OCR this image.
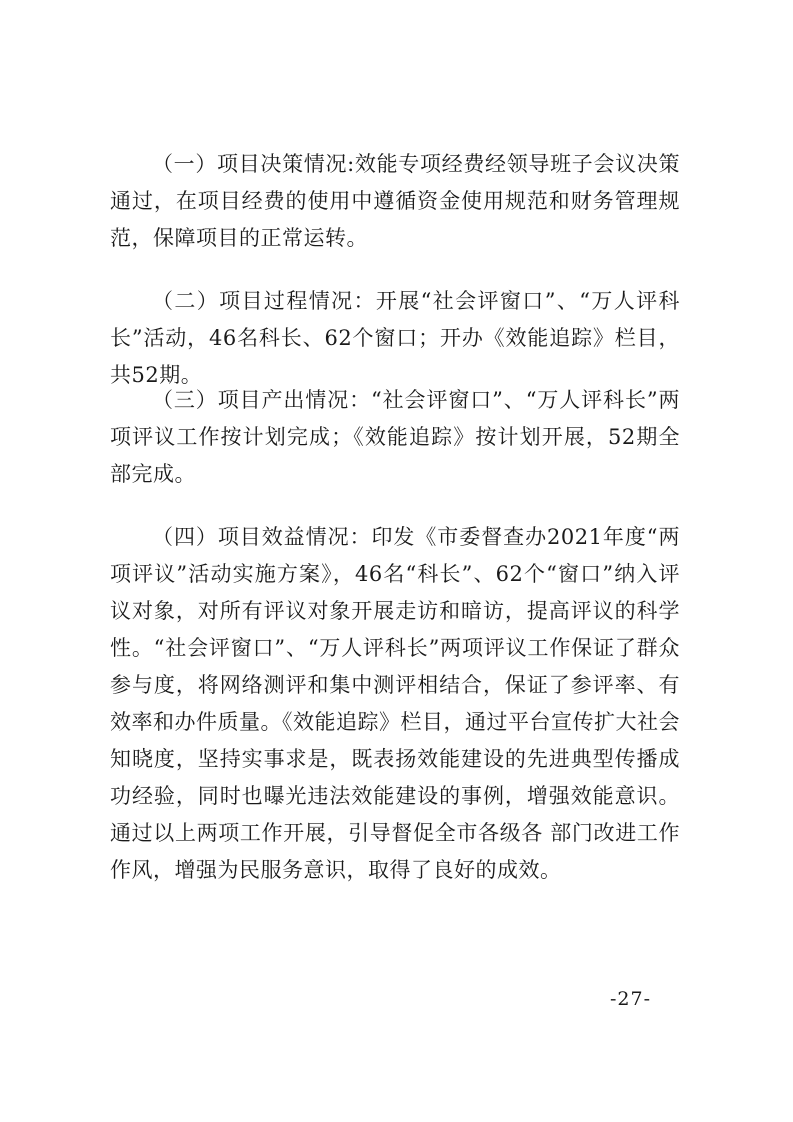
（一）项目决策情况:效能专项经费经领导班子会议决策通过，在项目经费的使用中遵循资金使用规范和财务管理规范，保障项目的正常运转。

（二）项目过程情况：开展“社会评窗口”、“万人评科长”活动，46名科长、62个窗口；开办《效能追踪》栏目，共52期。

（三）项目产出情况：“社会评窗口”、“万人评科长”两项评议工作按计划完成；《效能追踪》按计划开展，52期全部完成。

（四）项目效益情况：印发《市委督查办2021年度“两项评议”活动实施方案》，46名“科长”、62个“窗口”纳入评议对象，对所有评议对象开展走访和暗访，提高评议的科学性。“社会评窗口”、“万人评科长”两项评议工作保证了群众参与度，将网络测评和集中测评相结合，保证了参评率、有效率和办件质量。《效能追踪》栏目，通过平台宣传扩大社会知晓度，坚持实事求是，既表扬效能建设的先进典型传播成功经验，同时也曝光违法效能建设的事例，增强效能意识。通过以上两项工作开展，引导督促全市各级各 部门改进工作作风，增强为民服务意识，取得了良好的成效。

-27-
